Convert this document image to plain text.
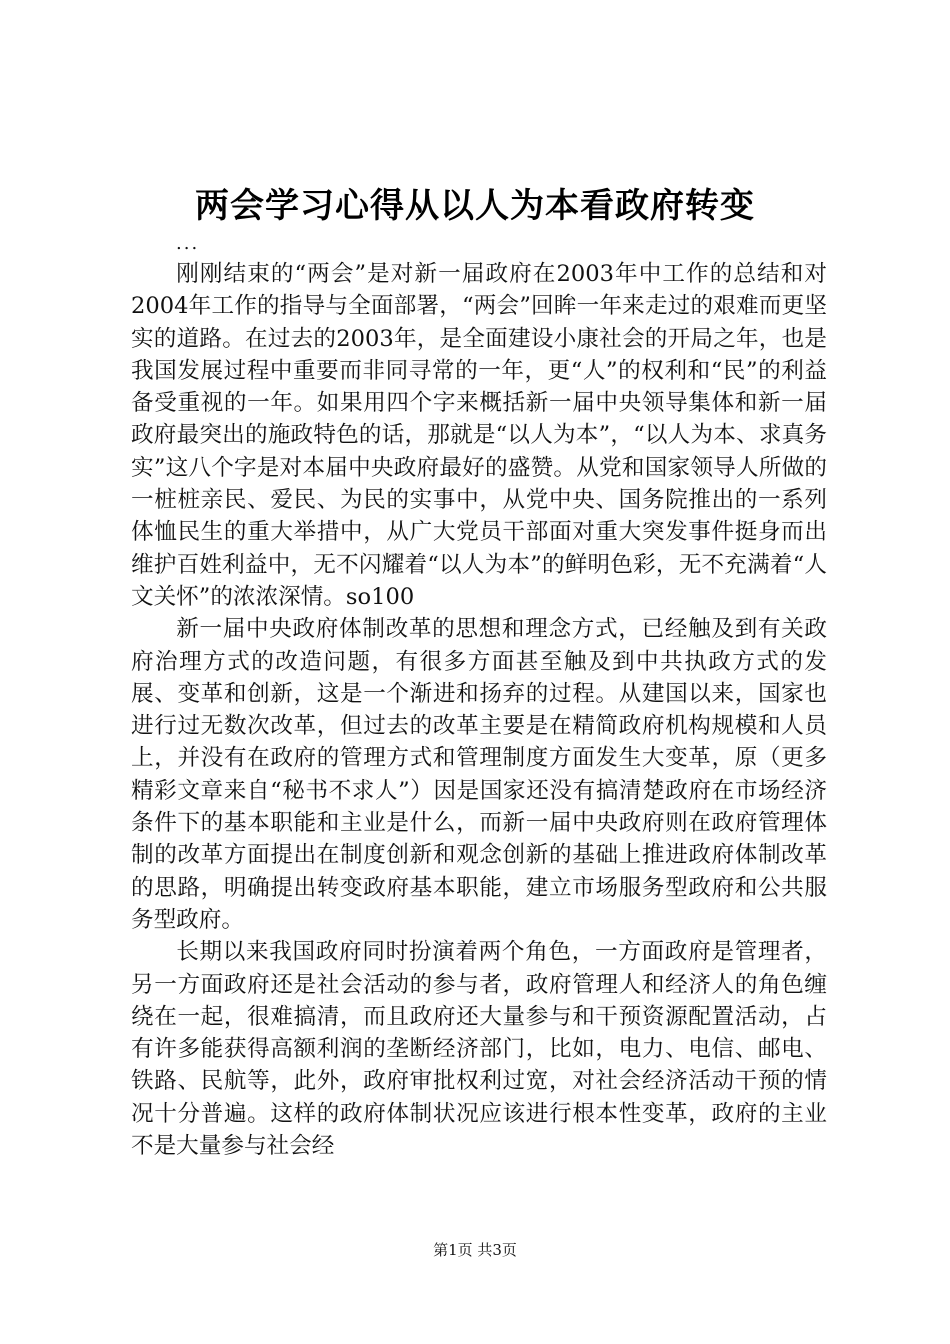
两会学习心得从以人为本看政府转变
...

刚刚结束的“两会”是对新一届政府在2003年中工作的总结和对2004年工作的指导与全面部署，“两会”回眸一年来走过的艰难而更坚实的道路。在过去的2003年，是全面建设小康社会的开局之年，也是我国发展过程中重要而非同寻常的一年，更“人”的权利和“民”的利益备受重视的一年。如果用四个字来概括新一届中央领导集体和新一届政府最突出的施政特色的话，那就是“以人为本”，“以人为本、求真务实”这八个字是对本届中央政府最好的盛赞。从党和国家领导人所做的一桩桩亲民、爱民、为民的实事中，从党中央、国务院推出的一系列体恤民生的重大举措中，从广大党员干部面对重大突发事件挺身而出维护百姓利益中，无不闪耀着“以人为本”的鲜明色彩，无不充满着“人文关怀”的浓浓深情。so100

新一届中央政府体制改革的思想和理念方式，已经触及到有关政府治理方式的改造问题，有很多方面甚至触及到中共执政方式的发展、变革和创新，这是一个渐进和扬弃的过程。从建国以来，国家也进行过无数次改革，但过去的改革主要是在精简政府机构规模和人员上，并没有在政府的管理方式和管理制度方面发生大变革，原（更多精彩文章来自“秘书不求人”）因是国家还没有搞清楚政府在市场经济条件下的基本职能和主业是什么，而新一届中央政府则在政府管理体制的改革方面提出在制度创新和观念创新的基础上推进政府体制改革的思路，明确提出转变政府基本职能，建立市场服务型政府和公共服务型政府。

长期以来我国政府同时扮演着两个角色，一方面政府是管理者，另一方面政府还是社会活动的参与者，政府管理人和经济人的角色缠绕在一起，很难搞清，而且政府还大量参与和干预资源配置活动，占有许多能获得高额利润的垄断经济部门，比如，电力、电信、邮电、铁路、民航等，此外，政府审批权利过宽，对社会经济活动干预的情况十分普遍。这样的政府体制状况应该进行根本性变革，政府的主业不是大量参与社会经

第1页 共3页
